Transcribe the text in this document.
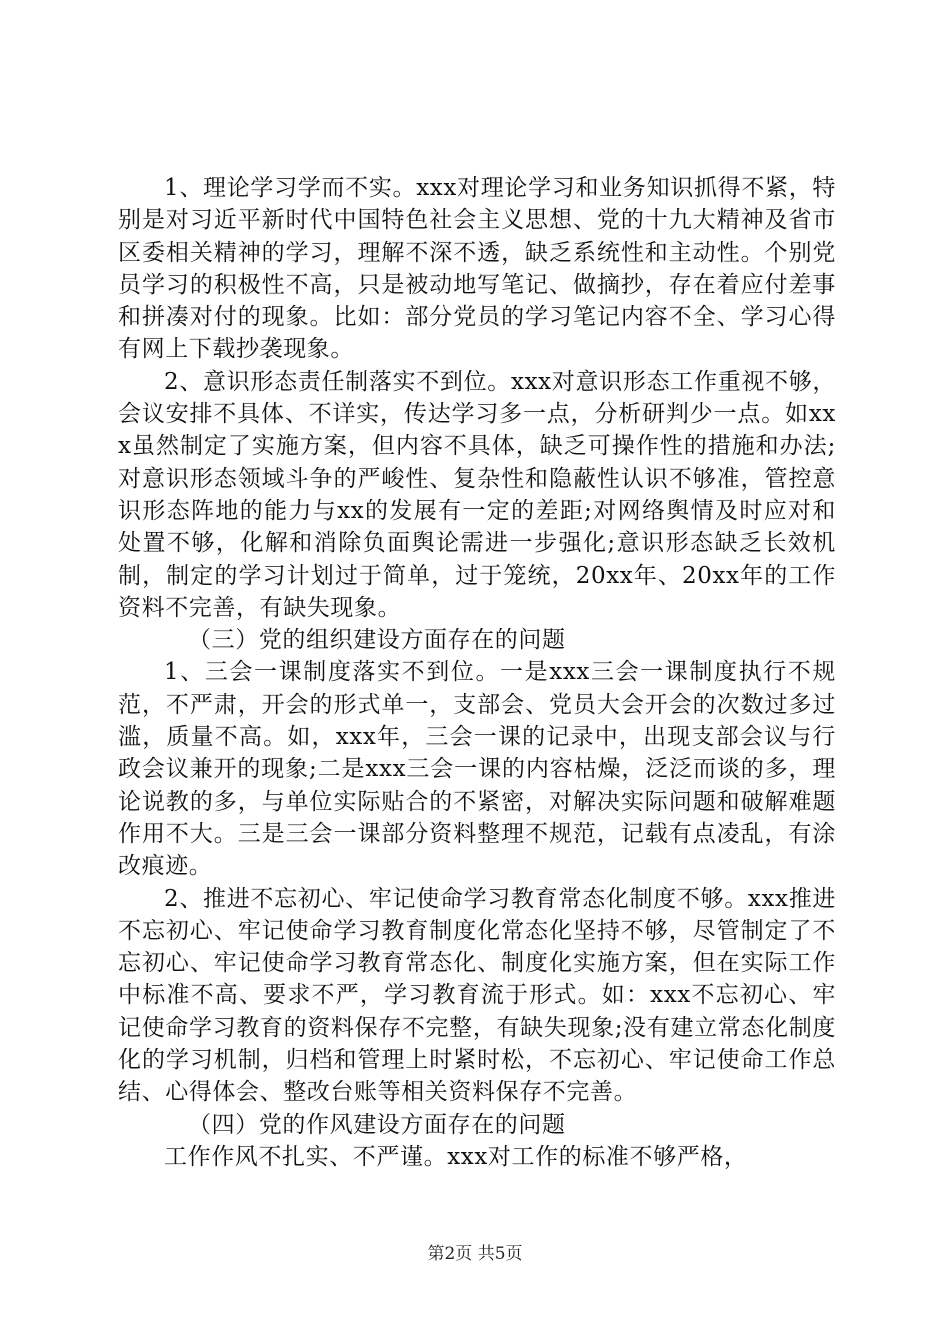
1、理论学习学而不实。xxx对理论学习和业务知识抓得不紧，特别是对习近平新时代中国特色社会主义思想、党的十九大精神及省市区委相关精神的学习，理解不深不透，缺乏系统性和主动性。个别党员学习的积极性不高，只是被动地写笔记、做摘抄，存在着应付差事和拼凑对付的现象。比如：部分党员的学习笔记内容不全、学习心得有网上下载抄袭现象。

2、意识形态责任制落实不到位。xxx对意识形态工作重视不够，会议安排不具体、不详实，传达学习多一点，分析研判少一点。如xxx虽然制定了实施方案，但内容不具体，缺乏可操作性的措施和办法;对意识形态领域斗争的严峻性、复杂性和隐蔽性认识不够准，管控意识形态阵地的能力与xx的发展有一定的差距;对网络舆情及时应对和处置不够，化解和消除负面舆论需进一步强化;意识形态缺乏长效机制，制定的学习计划过于简单，过于笼统，20xx年、20xx年的工作资料不完善，有缺失现象。

（三）党的组织建设方面存在的问题

1、三会一课制度落实不到位。一是xxx三会一课制度执行不规范，不严肃，开会的形式单一，支部会、党员大会开会的次数过多过滥，质量不高。如，xxx年，三会一课的记录中，出现支部会议与行政会议兼开的现象;二是xxx三会一课的内容枯燥，泛泛而谈的多，理论说教的多，与单位实际贴合的不紧密，对解决实际问题和破解难题作用不大。三是三会一课部分资料整理不规范，记载有点凌乱，有涂改痕迹。

2、推进不忘初心、牢记使命学习教育常态化制度不够。xxx推进不忘初心、牢记使命学习教育制度化常态化坚持不够，尽管制定了不忘初心、牢记使命学习教育常态化、制度化实施方案，但在实际工作中标准不高、要求不严，学习教育流于形式。如：xxx不忘初心、牢记使命学习教育的资料保存不完整，有缺失现象;没有建立常态化制度化的学习机制，归档和管理上时紧时松，不忘初心、牢记使命工作总结、心得体会、整改台账等相关资料保存不完善。

（四）党的作风建设方面存在的问题

工作作风不扎实、不严谨。xxx对工作的标准不够严格，

第2页 共5页
